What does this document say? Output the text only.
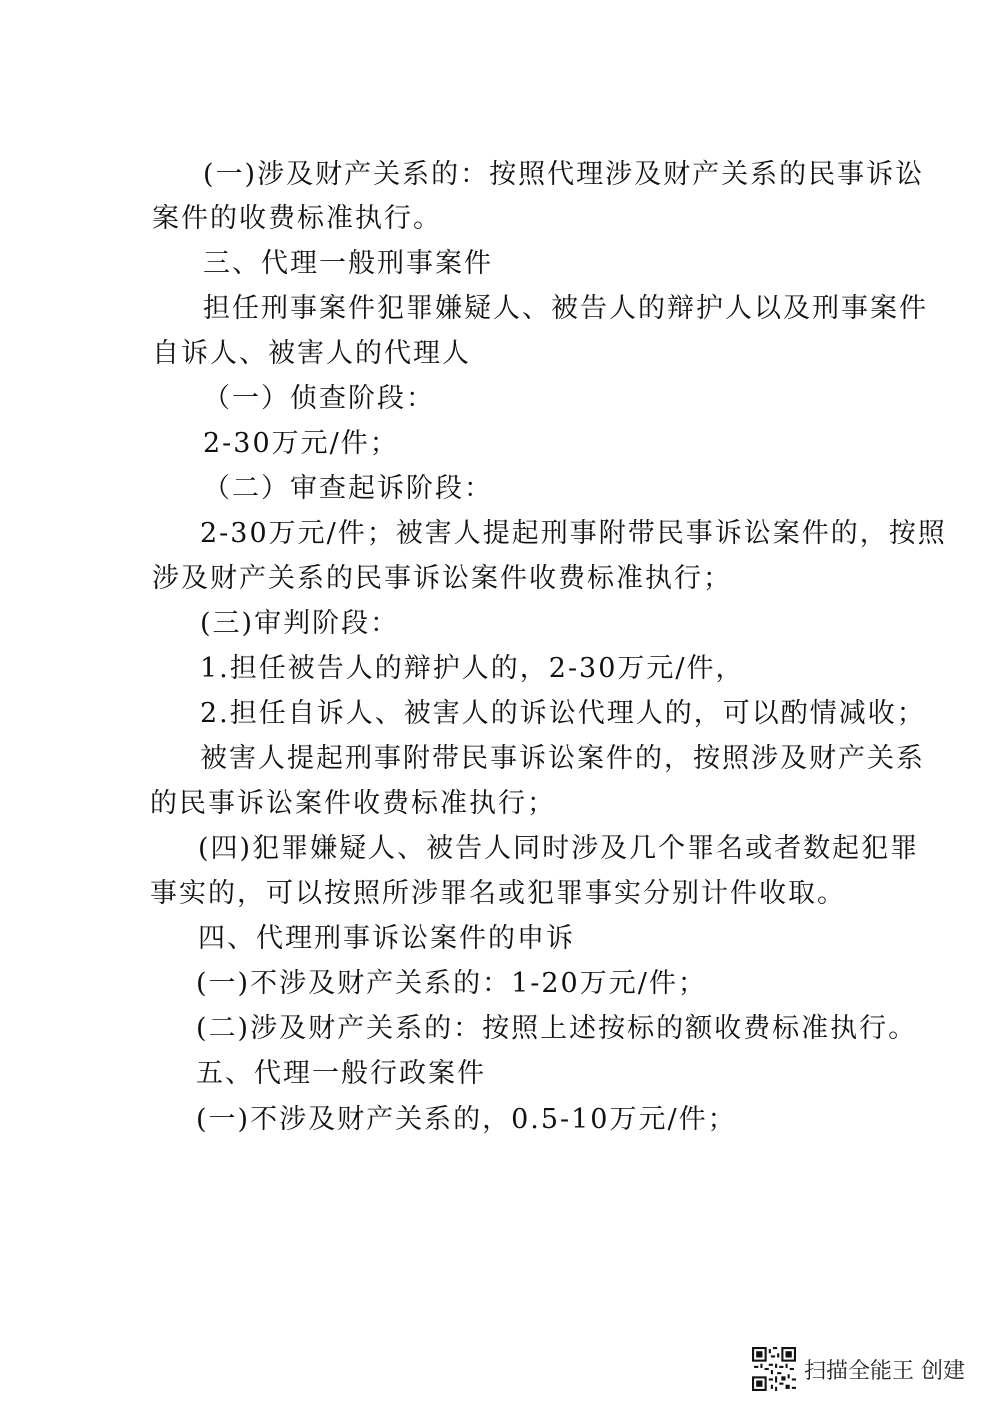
(一)涉及财产关系的：按照代理涉及财产关系的民事诉讼
案件的收费标准执行。
三、代理一般刑事案件
担任刑事案件犯罪嫌疑人、被告人的辩护人以及刑事案件
自诉人、被害人的代理人
（一）侦查阶段：
2-30万元/件；
（二）审查起诉阶段：
2-30万元/件；被害人提起刑事附带民事诉讼案件的，按照
涉及财产关系的民事诉讼案件收费标准执行；
(三)审判阶段：
1.担任被告人的辩护人的，2-30万元/件，
2.担任自诉人、被害人的诉讼代理人的，可以酌情减收；
被害人提起刑事附带民事诉讼案件的，按照涉及财产关系
的民事诉讼案件收费标准执行；
(四)犯罪嫌疑人、被告人同时涉及几个罪名或者数起犯罪
事实的，可以按照所涉罪名或犯罪事实分别计件收取。
四、代理刑事诉讼案件的申诉
(一)不涉及财产关系的：1-20万元/件；
(二)涉及财产关系的：按照上述按标的额收费标准执行。
五、代理一般行政案件
(一)不涉及财产关系的，0.5-10万元/件；
扫描全能王 创建
